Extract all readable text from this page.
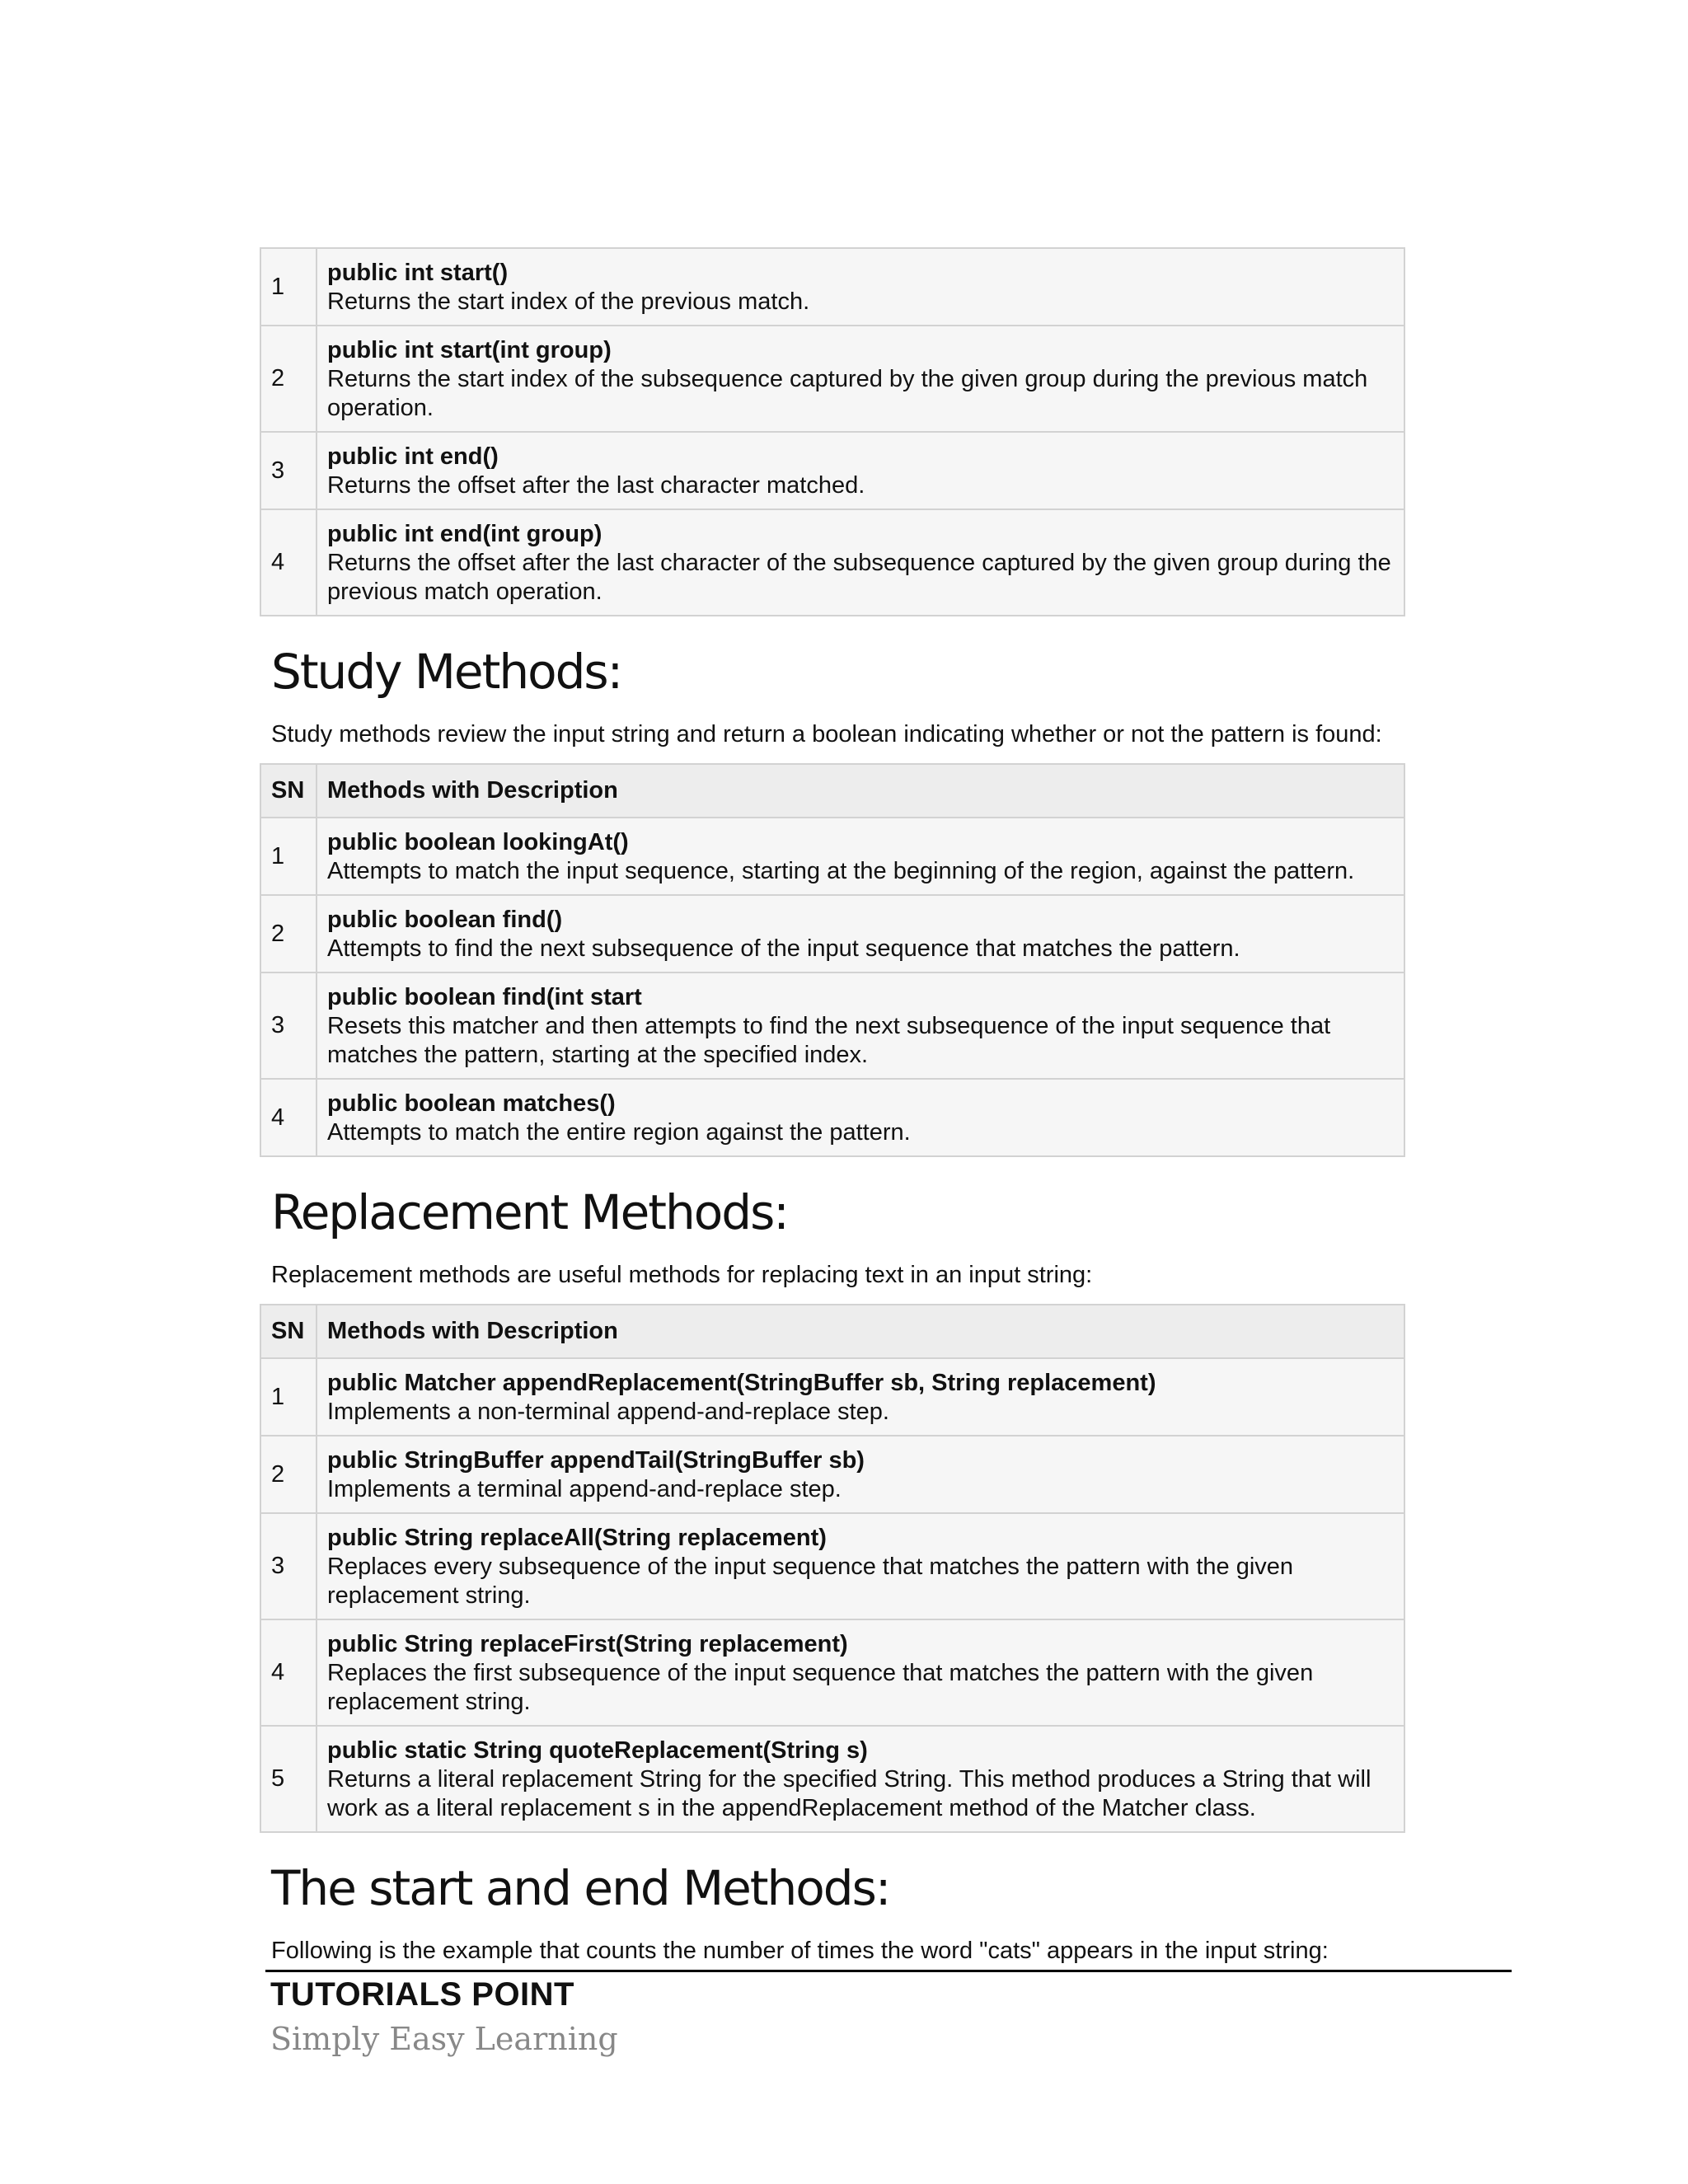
1	public int start()
Returns the start index of the previous match.

2	public int start(int group)
Returns the start index of the subsequence captured by the given group during the previous match operation.

3	public int end()
Returns the offset after the last character matched.

4	public int end(int group)
Returns the offset after the last character of the subsequence captured by the given group during the previous match operation.
Study Methods:

Study methods review the input string and return a boolean indicating whether or not the pattern is found:

SN	Methods with Description
1	public boolean lookingAt()
Attempts to match the input sequence, starting at the beginning of the region, against the pattern.

2	public boolean find()
Attempts to find the next subsequence of the input sequence that matches the pattern.

3	public boolean find(int start
Resets this matcher and then attempts to find the next subsequence of the input sequence that matches the pattern, starting at the specified index.

4	public boolean matches()
Attempts to match the entire region against the pattern.
Replacement Methods:

Replacement methods are useful methods for replacing text in an input string:

SN	Methods with Description
1	public Matcher appendReplacement(StringBuffer sb, String replacement)
Implements a non-terminal append-and-replace step.

2	public StringBuffer appendTail(StringBuffer sb)
Implements a terminal append-and-replace step.

3	public String replaceAll(String replacement)
Replaces every subsequence of the input sequence that matches the pattern with the given replacement string.

4	public String replaceFirst(String replacement)
Replaces the first subsequence of the input sequence that matches the pattern with the given replacement string.

5	public static String quoteReplacement(String s)
Returns a literal replacement String for the specified String. This method produces a String that will work as a literal replacement s in the appendReplacement method of the Matcher class.
The start and end Methods:

Following is the example that counts the number of times the word "cats" appears in the input string:

TUTORIALS POINT
Simply Easy Learning
